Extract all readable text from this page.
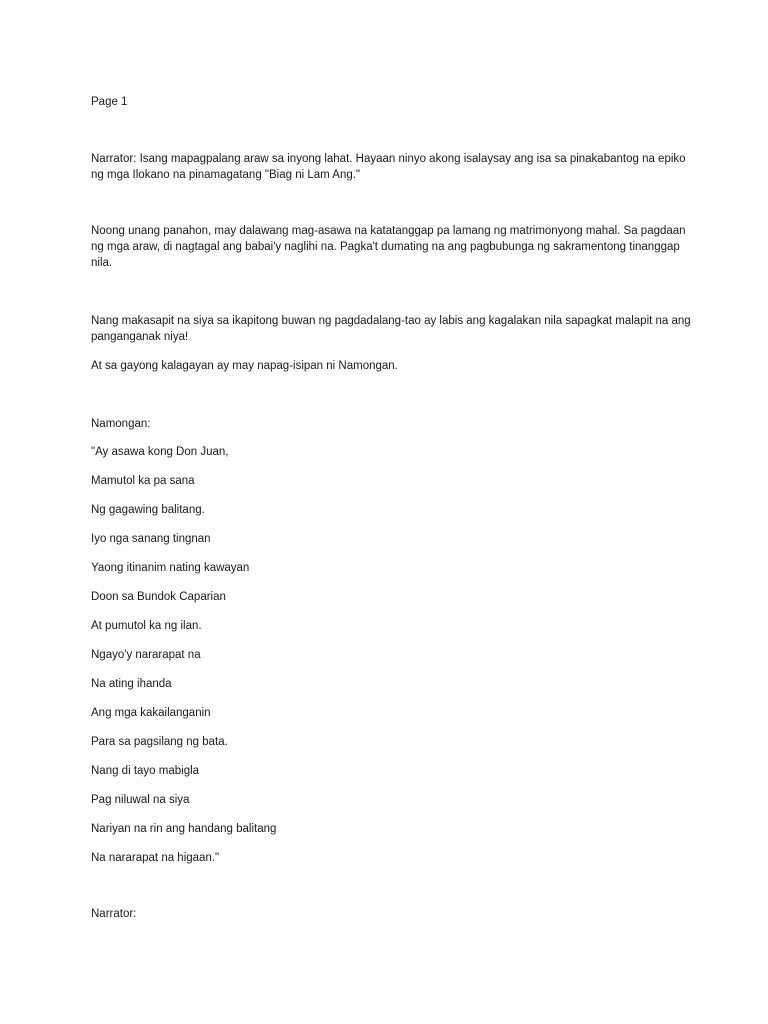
Page 1

Narrator: Isang mapagpalang araw sa inyong lahat. Hayaan ninyo akong isalaysay ang isa sa pinakabantog na epiko ng mga Ilokano na pinamagatang "Biag ni Lam Ang."

Noong unang panahon, may dalawang mag-asawa na katatanggap pa lamang ng matrimonyong mahal. Sa pagdaan ng mga araw, di nagtagal ang babai'y naglihi na. Pagka't dumating na ang pagbubunga ng sakramentong tinanggap nila.

Nang makasapit na siya sa ikapitong buwan ng pagdadalang-tao ay labis ang kagalakan nila sapagkat malapit na ang panganganak niya!

At sa gayong kalagayan ay may napag-isipan ni Namongan.

Namongan:

"Ay asawa kong Don Juan,
Mamutol ka pa sana
Ng gagawing balitang.
Iyo nga sanang tingnan
Yaong itinanim nating kawayan
Doon sa Bundok Caparian
At pumutol ka ng ilan.
Ngayo'y nararapat na
Na ating ihanda
Ang mga kakailanganin
Para sa pagsilang ng bata.
Nang di tayo mabigla
Pag niluwal na siya
Nariyan na rin ang handang balitang
Na nararapat na higaan."

Narrator:
